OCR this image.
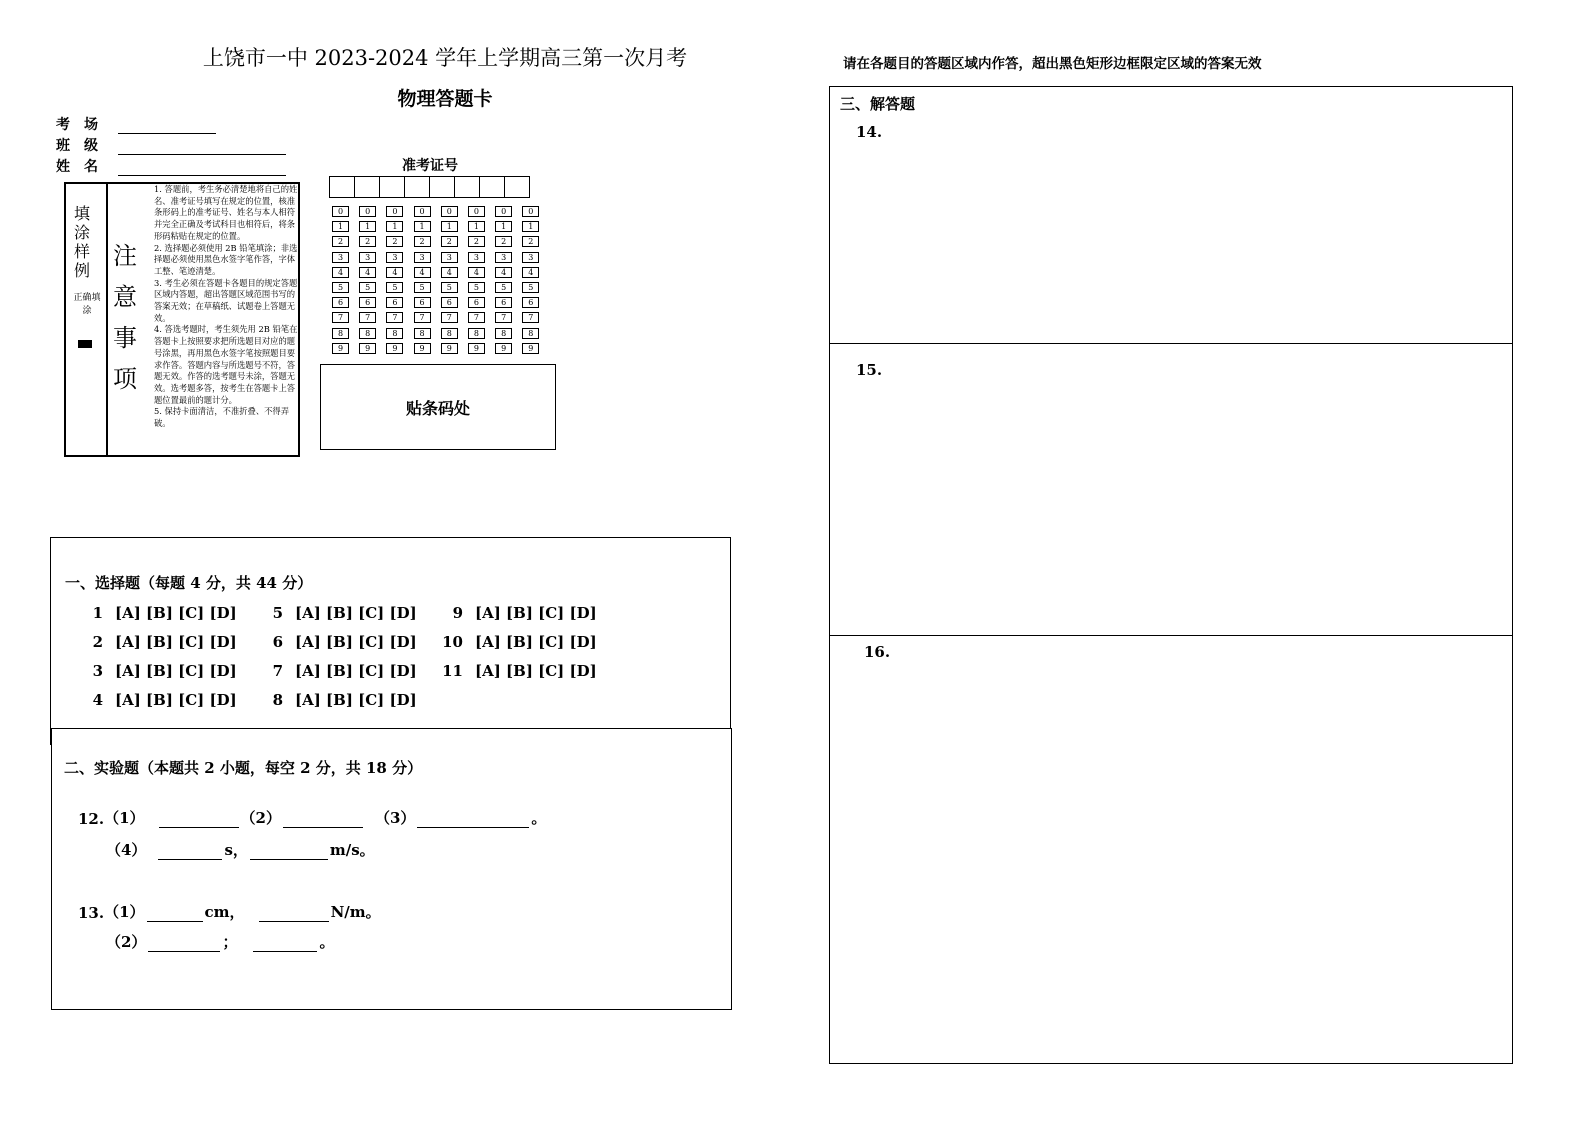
上饶市一中 2023-2024 学年上学期高三第一次月考
物理答题卡
考　场
班　级
姓　名
填涂样例
正确填涂
注
意
事
项
1. 答题前，考生务必清楚地将自己的姓名、准考证号填写在规定的位置，核准条形码上的准考证号、姓名与本人相符并完全正确及考试科目也相符后，将条形码粘贴在规定的位置。
2. 选择题必须使用 2B 铅笔填涂；非选择题必须使用黑色水签字笔作答，字体工整、笔迹清楚。
3. 考生必须在答题卡各题目的规定答题区域内答题，超出答题区域范围书写的答案无效；在草稿纸、试题卷上答题无效。
4. 答选考题时，考生须先用 2B 铅笔在答题卡上按照要求把所选题目对应的题号涂黑，再用黑色水签字笔按照题目要求作答。答题内容与所选题号不符，答题无效。作答的选考题号未涂，答题无效。选考题多答，按考生在答题卡上答题位置最前的题计分。
5. 保持卡面清洁，不准折叠、不得弄破。
准考证号
0	0	0	0	0	0	0	0
1	1	1	1	1	1	1	1
2	2	2	2	2	2	2	2
3	3	3	3	3	3	3	3
4	4	4	4	4	4	4	4
5	5	5	5	5	5	5	5
6	6	6	6	6	6	6	6
7	7	7	7	7	7	7	7
8	8	8	8	8	8	8	8
9	9	9	9	9	9	9	9
贴条码处
一、选择题（每题 4 分，共 44 分）
1 [A] [B] [C] [D]
2 [A] [B] [C] [D]
3 [A] [B] [C] [D]
4 [A] [B] [C] [D]
5 [A] [B] [C] [D]
6 [A] [B] [C] [D]
7 [A] [B] [C] [D]
8 [A] [B] [C] [D]
9 [A] [B] [C] [D]
10 [A] [B] [C] [D]
11 [A] [B] [C] [D]
二、实验题（本题共 2 小题，每空 2 分，共 18 分）
12. （1）	（2）	（3）	。
（4）	s，	m/s。
13. （1）	cm，	N/m。
（2）	；	。
请在各题目的答题区域内作答，超出黑色矩形边框限定区域的答案无效
三、解答题
14.
15.
16.
